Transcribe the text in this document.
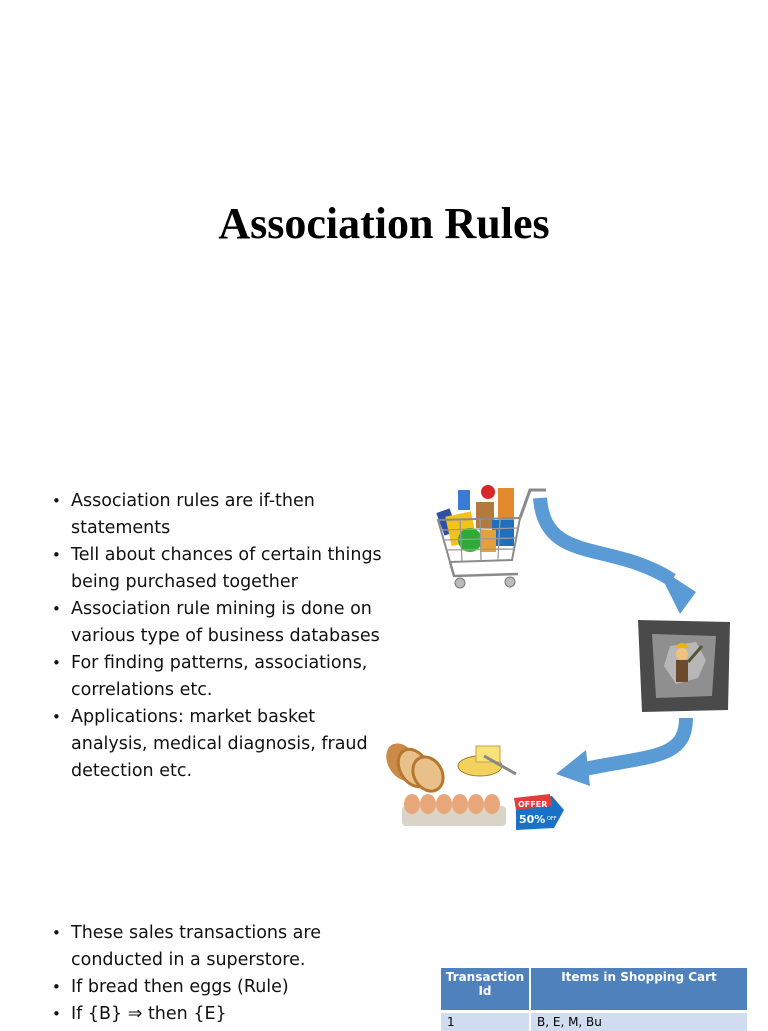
Association Rules
• Association rules are if-then statements
• Tell about chances of certain things being purchased together
• Association rule mining is done on various type of business databases
• For finding patterns, associations, correlations etc.
• Applications: market basket analysis, medical diagnosis, fraud detection etc.
OFFER
50% OFF
• These sales transactions are conducted in a superstore.
• If bread then eggs (Rule)
• If {B} ⇒ then {E}
Transaction Id	Items in Shopping Cart
1	B, E, M, Bu
